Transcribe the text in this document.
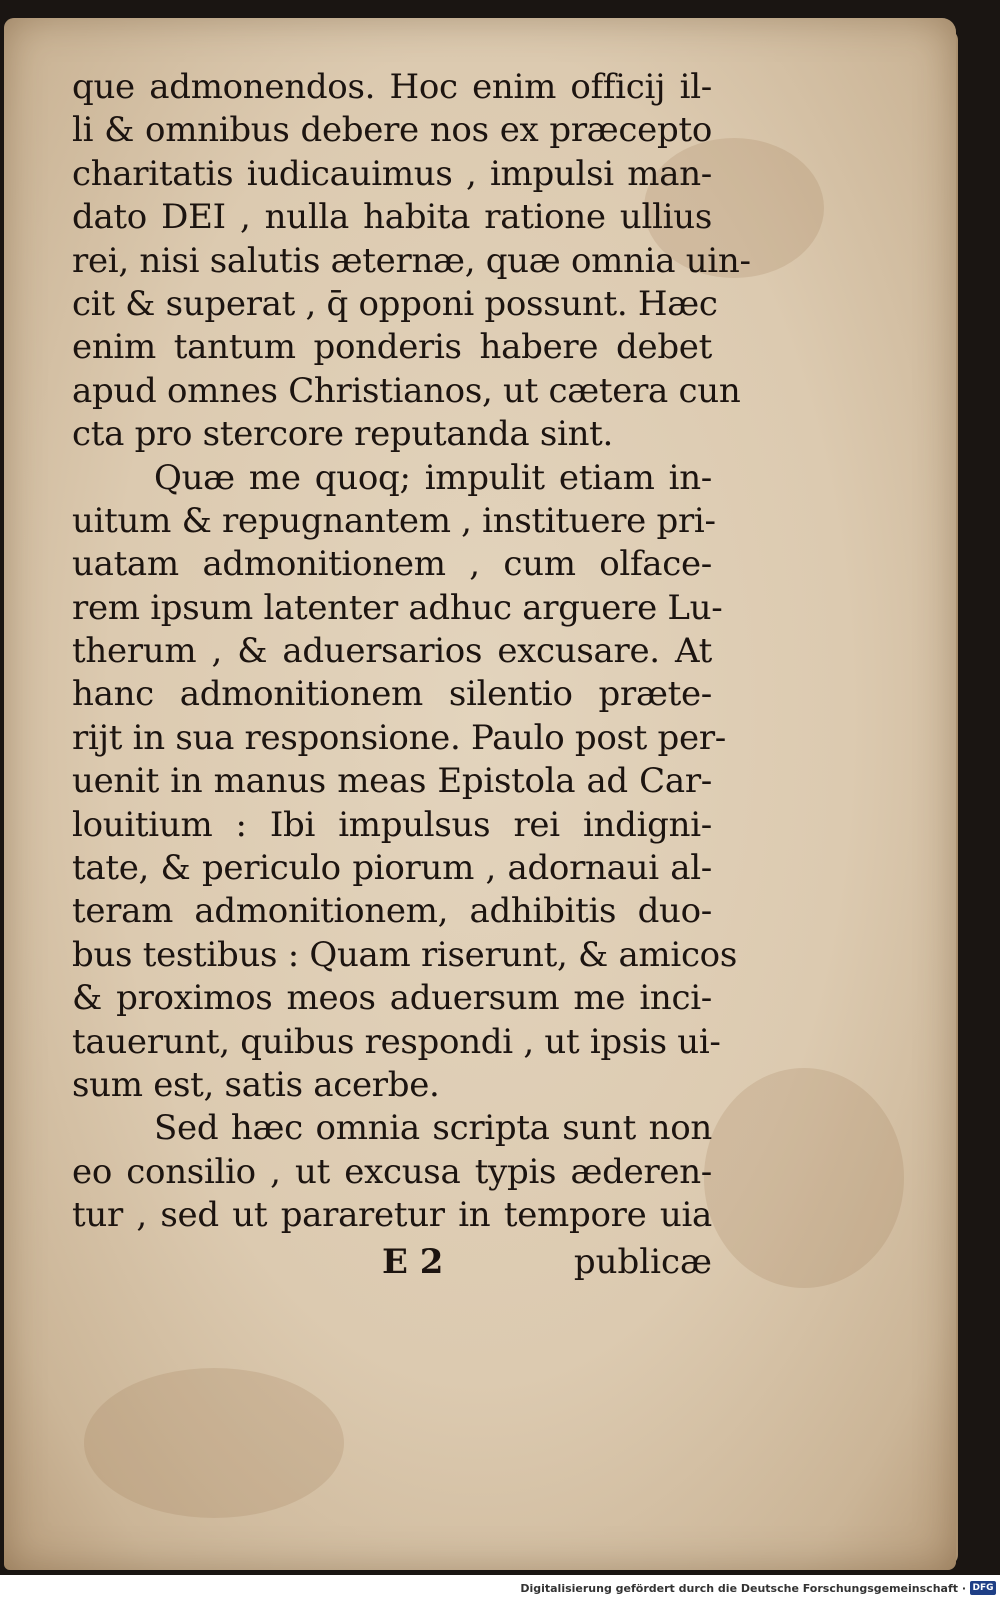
que admonendos. Hoc enim officij il-
li & omnibus debere nos ex præcepto
charitatis iudicauimus , impulsi man-
dato DEI , nulla habita ratione ullius
rei, nisi salutis æternæ, quæ omnia uin-
cit & superat , q̄ opponi possunt. Hæc
enim tantum ponderis habere debet
apud omnes Christianos, ut cætera cun
cta pro stercore reputanda sint.
Quæ me quoq; impulit etiam in-
uitum & repugnantem , instituere pri-
uatam admonitionem , cum olface-
rem ipsum latenter adhuc arguere Lu-
therum , & aduersarios excusare. At
hanc admonitionem silentio præte-
rijt in sua responsione. Paulo post per-
uenit in manus meas Epistola ad Car-
louitium : Ibi impulsus rei indigni-
tate, & periculo piorum , adornaui al-
teram admonitionem, adhibitis duo-
bus testibus : Quam riserunt, & amicos
& proximos meos aduersum me inci-
tauerunt, quibus respondi , ut ipsis ui-
sum est, satis acerbe.
Sed hæc omnia scripta sunt non
eo consilio , ut excusa typis æderen-
tur , sed ut pararetur in tempore uia
E 2	publicæ
Digitalisierung gefördert durch die Deutsche Forschungsgemeinschaft · DFG
